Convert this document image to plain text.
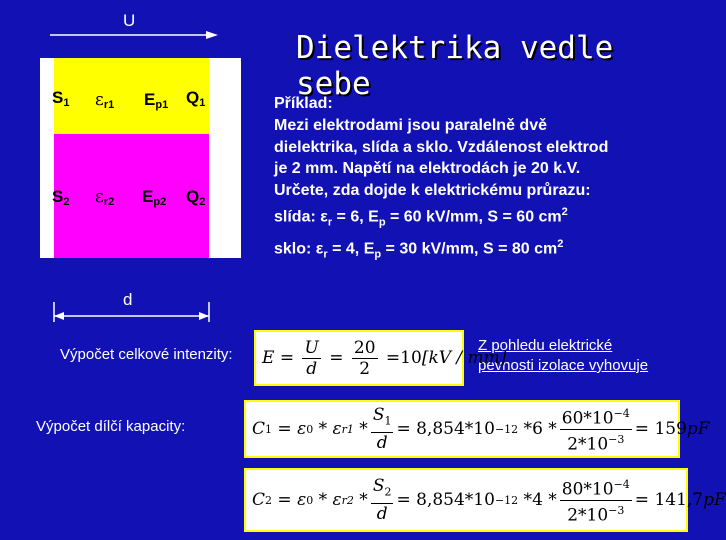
Dielektrika vedle sebe
U
$S_1$ $\varepsilon_{r1}$ $E_{p1}$ $Q_1$
$S_2$ $\varepsilon_{r2}$ $E_{p2}$ $Q_2$
d
Příklad:
Mezi elektrodami jsou paralelně dvě
dielektrika, slída a sklo. Vzdálenost elektrod
je 2 mm. Napětí na elektrodách je 20 k.V.
Určete, zda dojde k elektrickému průrazu:
slída: $\varepsilon_r = 6$, $E_p = 60$ kV/mm, S = 60 $cm^2$
sklo: $\varepsilon_r = 4$, $E_p = 30$ kV/mm, S = 80 $cm^2$
Výpočet celkové intenzity:
Výpočet dílčí kapacity:
Z pohledu elektrické
pevnosti izolace vyhovuje
$E = \frac{U}{d} = \frac{20}{2} = 10$ [kV / mm]
C 1 = ε 0 * ε $r1 * \frac{S_1}{d} = 8,854$ $*10 -12 * 6 * \frac{60*10^{-4}}{2*10^{-3}} = 159$ pF
C 2 = ε 0 * ε $r2 * \frac{S_2}{d} = 8,854$ $*10 -12 * 4 * \frac{80*10^{-4}}{2*10^{-3}} = 141,7$ pF
